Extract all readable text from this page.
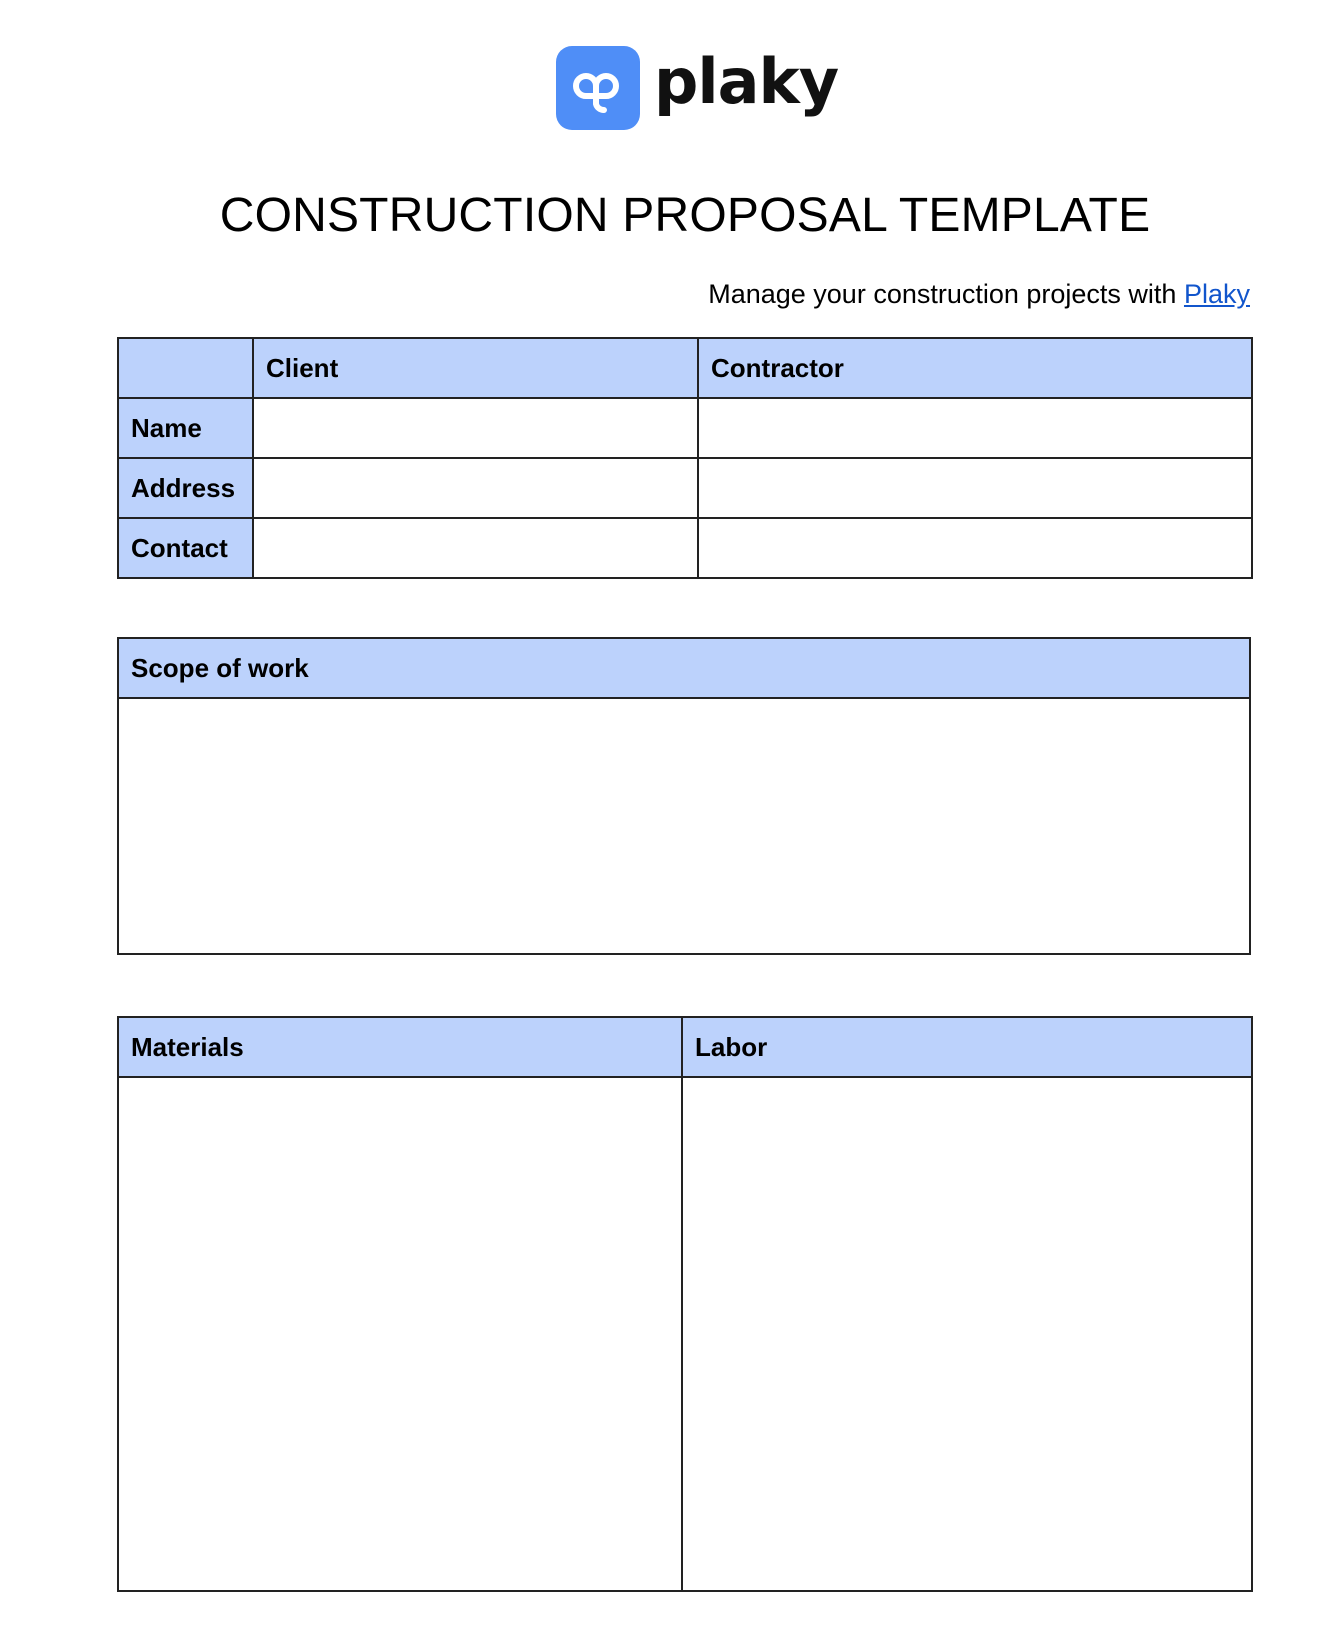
plaky
CONSTRUCTION PROPOSAL TEMPLATE
Manage your construction projects with Plaky
	Client	Contractor
Name		
Address		
Contact		
Scope of work

Materials	Labor
